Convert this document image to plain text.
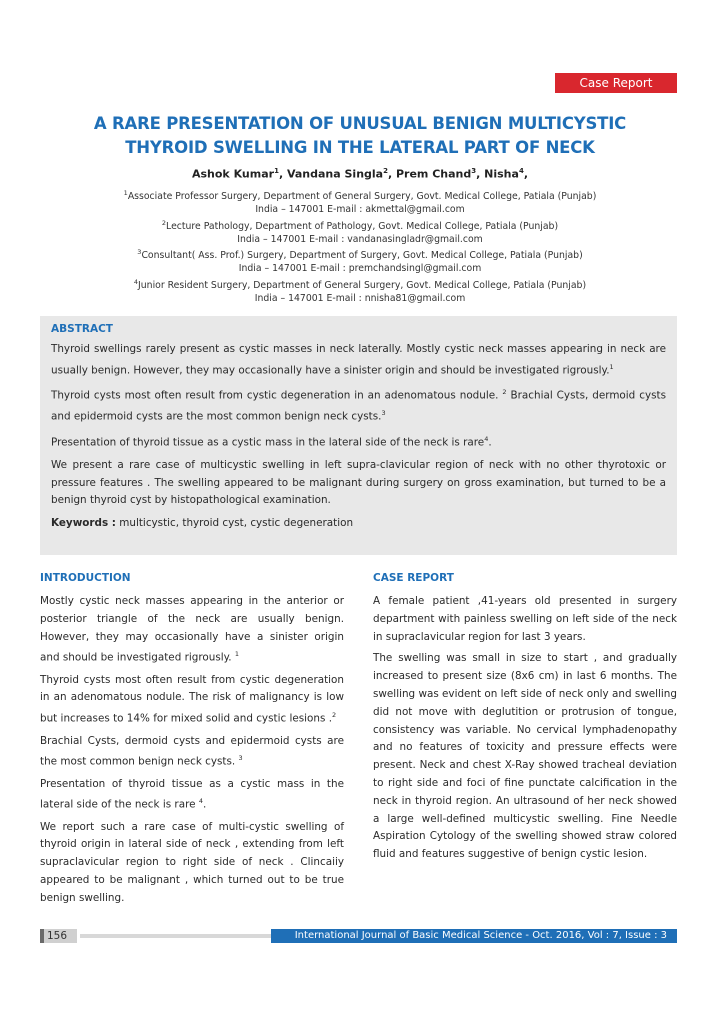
Case Report
A RARE PRESENTATION OF UNUSUAL BENIGN MULTICYSTIC
THYROID SWELLING IN THE LATERAL PART OF NECK
Ashok Kumar$^1$, Vandana Singla$^2$, Prem Chand$^3$, Nisha$^4$,
$^1$Associate Professor Surgery, Department of General Surgery, Govt. Medical College, Patiala (Punjab)
India – 147001 E-mail : akmettal@gmail.com
$^2$Lecture Pathology, Department of Pathology, Govt. Medical College, Patiala (Punjab)
India – 147001 E-mail : vandanasingladr@gmail.com
$^3$Consultant( Ass. Prof.) Surgery, Department of Surgery, Govt. Medical College, Patiala (Punjab)
India – 147001 E-mail : premchandsingl@gmail.com
$^4$Junior Resident Surgery, Department of General Surgery, Govt. Medical College, Patiala (Punjab)
India – 147001 E-mail : nnisha81@gmail.com
ABSTRACT

Thyroid swellings rarely present as cystic masses in neck laterally. Mostly cystic neck masses appearing in neck are usually benign. However, they may occasionally have a sinister origin and should be investigated rigrously.$^1$

Thyroid cysts most often result from cystic degeneration in an adenomatous nodule. $^2$ Brachial Cysts, dermoid cysts and epidermoid cysts are the most common benign neck cysts.$^3$

Presentation of thyroid tissue as a cystic mass in the lateral side of the neck is rare$^4$.

We present a rare case of multicystic swelling in left supra-clavicular region of neck with no other thyrotoxic or pressure features . The swelling appeared to be malignant during surgery on gross examination, but turned to be a benign thyroid cyst by histopathological examination.

Keywords : multicystic, thyroid cyst, cystic degeneration
INTRODUCTION

Mostly cystic neck masses appearing in the anterior or posterior triangle of the neck are usually benign. However, they may occasionally have a sinister origin and should be investigated rigrously. $^1$

Thyroid cysts most often result from cystic degeneration in an adenomatous nodule. The risk of malignancy is low but increases to 14% for mixed solid and cystic lesions .$^2$

Brachial Cysts, dermoid cysts and epidermoid cysts are the most common benign neck cysts. $^3$

Presentation of thyroid tissue as a cystic mass in the lateral side of the neck is rare $^4$.

We report such a rare case of multi-cystic swelling of thyroid origin in lateral side of neck , extending from left supraclavicular region to right side of neck . Clincaiiy appeared to be malignant , which turned out to be true benign swelling.

CASE REPORT

A female patient ,41-years old presented in surgery department with painless swelling on left side of the neck in supraclavicular region for last 3 years.

The swelling was small in size to start , and gradually increased to present size (8x6 cm) in last 6 months. The swelling was evident on left side of neck only and swelling did not move with deglutition or protrusion of tongue, consistency was variable. No cervical lymphadenopathy and no features of toxicity and pressure effects were present. Neck and chest X-Ray showed tracheal deviation to right side and foci of fine punctate calcification in the neck in thyroid region. An ultrasound of her neck showed a large well-defined multicystic swelling. Fine Needle Aspiration Cytology of the swelling showed straw colored fluid and features suggestive of benign cystic lesion.

156	International Journal of Basic Medical Science - Oct. 2016, Vol : 7, Issue : 3
